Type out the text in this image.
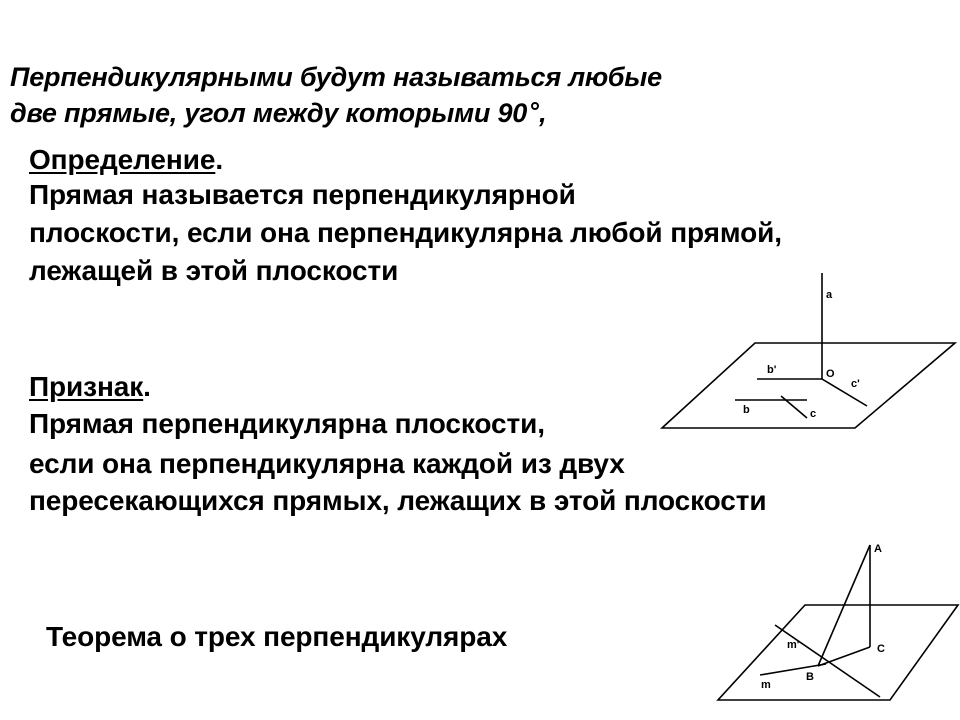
Перпендикулярными будут называться любые
две прямые, угол между которыми 90 ,
Определение.
Прямая называется перпендикулярной
плоскости, если она перпендикулярна любой прямой,
лежащей в этой плоскости
Признак.
Прямая перпендикулярна плоскости,
если она перпендикулярна каждой из двух
пересекающихся прямых, лежащих в этой плоскости
Теорема о трех перпендикулярах
a
b'	O
c'
b	c
A
m'	C
B
m
